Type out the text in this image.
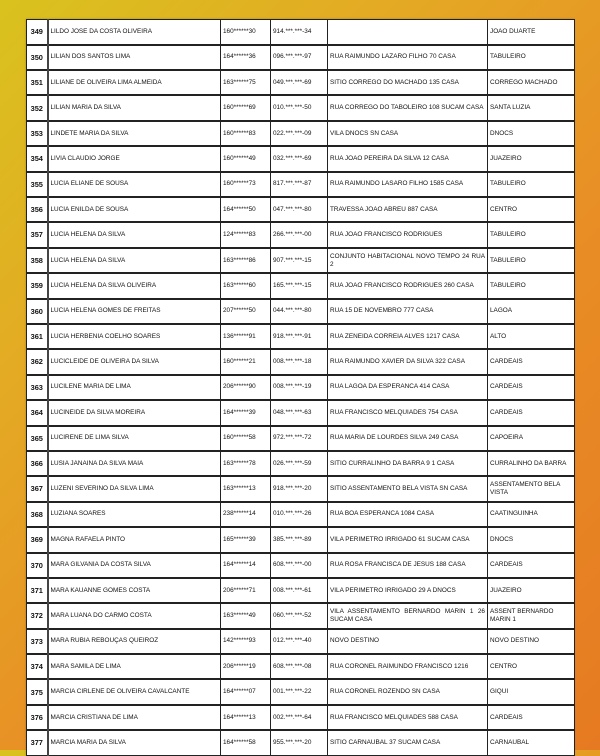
349	LILDO JOSE DA COSTA OLIVEIRA	160******30	914.***.***-34		JOAO DUARTE
350	LILIAN DOS SANTOS LIMA	164******36	096.***.***-97	RUA RAIMUNDO LAZARO FILHO 70 CASA	TABULEIRO
351	LILIANE DE OLIVEIRA LIMA ALMEIDA	163******75	049.***.***-69	SITIO CORREGO DO MACHADO 135 CASA	CORREGO MACHADO
352	LILIAN MARIA DA SILVA	160******69	010.***.***-50	RUA CORREGO DO TABOLEIRO 108 SUCAM CASA	SANTA LUZIA
353	LINDETE MARIA DA SILVA	160******83	022.***.***-09	VILA DNOCS SN CASA	DNOCS
354	LIVIA CLAUDIO JORGE	160******49	032.***.***-69	RUA JOAO PEREIRA DA SILVA 12 CASA	JUAZEIRO
355	LUCIA ELIANE DE SOUSA	160******73	817.***.***-87	RUA RAIMUNDO LASARO FILHO 1585 CASA	TABULEIRO
356	LUCIA ENILDA DE SOUSA	164******50	047.***.***-80	TRAVESSA JOAO ABREU 887 CASA	CENTRO
357	LUCIA HELENA DA SILVA	124******83	266.***.***-00	RUA JOAO FRANCISCO RODRIGUES	TABULEIRO
358	LUCIA HELENA DA SILVA	163******86	907.***.***-15	CONJUNTO HABITACIONAL NOVO TEMPO 24 RUA 2	TABULEIRO
359	LUCIA HELENA DA SILVA OLIVEIRA	163******60	165.***.***-15	RUA JOAO FRANCISCO RODRIGUES 260 CASA	TABULEIRO
360	LUCIA HELENA GOMES DE FREITAS	207******50	044.***.***-80	RUA 15 DE NOVEMBRO 777 CASA	LAGOA
361	LUCIA HERBENIA COELHO SOARES	136******91	918.***.***-91	RUA ZENEIDA CORREIA ALVES 1217 CASA	ALTO
362	LUCICLEIDE DE OLIVEIRA DA SILVA	160******21	008.***.***-18	RUA RAIMUNDO XAVIER DA SILVA 322 CASA	CARDEAIS
363	LUCILENE MARIA DE LIMA	206******90	008.***.***-19	RUA LAGOA DA ESPERANCA 414 CASA	CARDEAIS
364	LUCINEIDE DA SILVA MOREIRA	164******39	048.***.***-63	RUA FRANCISCO MELQUIADES 754 CASA	CARDEAIS
365	LUCIRENE DE LIMA SILVA	160******58	972.***.***-72	RUA MARIA DE LOURDES SILVA 249 CASA	CAPOEIRA
366	LUSIA JANAINA DA SILVA MAIA	163******78	026.***.***-59	SITIO CURRALINHO DA BARRA 9 1 CASA	CURRALINHO DA BARRA
367	LUZENI SEVERINO DA SILVA LIMA	163******13	918.***.***-20	SITIO ASSENTAMENTO BELA VISTA SN CASA	ASSENTAMENTO BELA VISTA
368	LUZIANA SOARES	238******14	010.***.***-26	RUA BOA ESPERANCA 1084 CASA	CAATINGUINHA
369	MAGNA RAFAELA PINTO	165******39	385.***.***-89	VILA PERIMETRO IRRIGADO 61 SUCAM CASA	DNOCS
370	MARA GILVANIA DA COSTA SILVA	164******14	608.***.***-00	RUA ROSA FRANCISCA DE JESUS 188 CASA	CARDEAIS
371	MARA KAUANNE GOMES COSTA	206******71	008.***.***-61	VILA PERIMETRO IRRIGADO 29 A DNOCS	JUAZEIRO
372	MARA LUANA DO CARMO COSTA	163******49	060.***.***-52	VILA ASSENTAMENTO BERNARDO MARIN 1 26 SUCAM CASA	ASSENT BERNARDO MARIN 1
373	MARA RUBIA REBOUÇAS QUEIROZ	142******93	012.***.***-40	NOVO DESTINO	NOVO DESTINO
374	MARA SAMILA DE LIMA	206******19	608.***.***-08	RUA CORONEL RAIMUNDO FRANCISCO 1216	CENTRO
375	MARCIA CIRLENE DE OLIVEIRA CAVALCANTE	164******07	001.***.***-22	RUA CORONEL ROZENDO SN CASA	GIQUI
376	MARCIA CRISTIANA DE LIMA	164******13	002.***.***-64	RUA FRANCISCO MELQUIADES 588 CASA	CARDEAIS
377	MARCIA MARIA DA SILVA	164******58	955.***.***-20	SITIO CARNAUBAL 37 SUCAM CASA	CARNAUBAL
